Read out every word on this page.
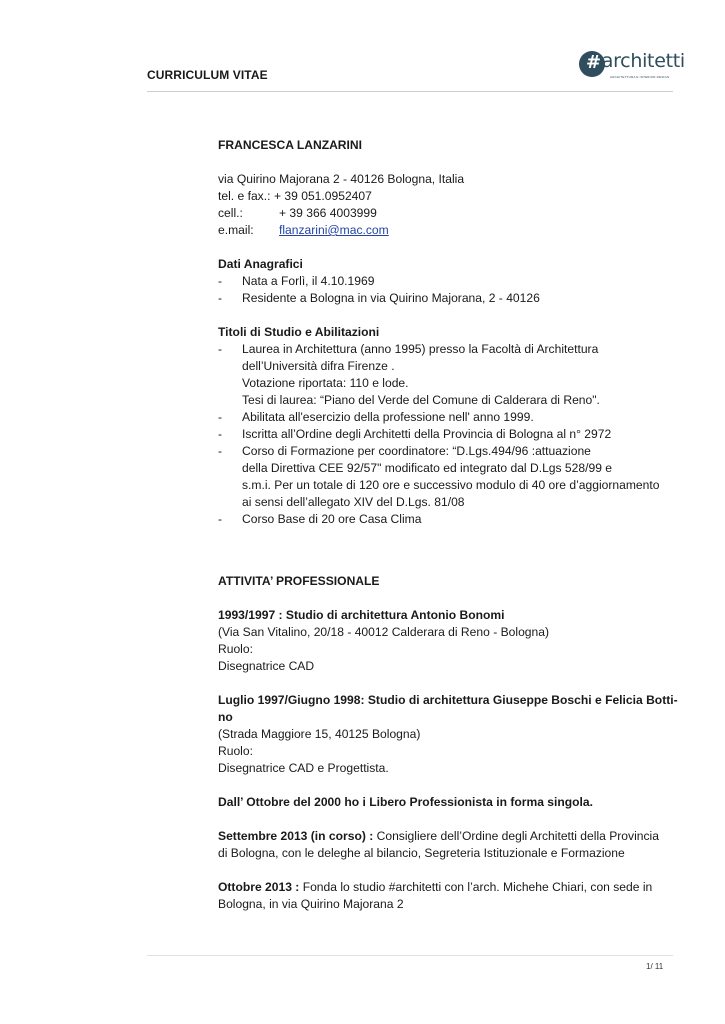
CURRICULUM VITAE
# architetti
ARCHITETTURA E INTERIOR DESIGN
FRANCESCA LANZARINI
via Quirino Majorana 2 - 40126 Bologna, Italia
tel. e fax.: + 39 051.0952407
cell.:	+ 39 366 4003999
e.mail: flanzarini@mac.com
Dati Anagrafici
- Nata a Forlì, il 4.10.1969
- Residente a Bologna in via Quirino Majorana, 2 - 40126
Titoli di Studio e Abilitazioni
- Laurea in Architettura (anno 1995) presso la Facoltà di Architettura
dell’Università difra Firenze .
Votazione riportata: 110 e lode.
Tesi di laurea: “Piano del Verde del Comune di Calderara di Reno".
- Abilitata all'esercizio della professione nell' anno 1999.
- Iscritta all’Ordine degli Architetti della Provincia di Bologna al n° 2972
- Corso di Formazione per coordinatore: “D.Lgs.494/96 :attuazione
della Direttiva CEE 92/57" modificato ed integrato dal D.Lgs 528/99 e
s.m.i. Per un totale di 120 ore e successivo modulo di 40 ore d’aggiornamento
ai sensi dell’allegato XIV del D.Lgs. 81/08
- Corso Base di 20 ore Casa Clima
ATTIVITA’ PROFESSIONALE
1993/1997 : Studio di architettura Antonio Bonomi
(Via San Vitalino, 20/18 - 40012 Calderara di Reno - Bologna)
Ruolo:
Disegnatrice CAD
Luglio 1997/Giugno 1998: Studio di architettura Giuseppe Boschi e Felicia Botti-
no
(Strada Maggiore 15, 40125 Bologna)
Ruolo:
Disegnatrice CAD e Progettista.
Dall’ Ottobre del 2000 ho i Libero Professionista in forma singola.
Settembre 2013 (in corso) : Consigliere dell’Ordine degli Architetti della Provincia
di Bologna, con le deleghe al bilancio, Segreteria Istituzionale e Formazione
Ottobre 2013 : Fonda lo studio #architetti con l’arch. Michehe Chiari, con sede in
Bologna, in via Quirino Majorana 2
1/ 11
